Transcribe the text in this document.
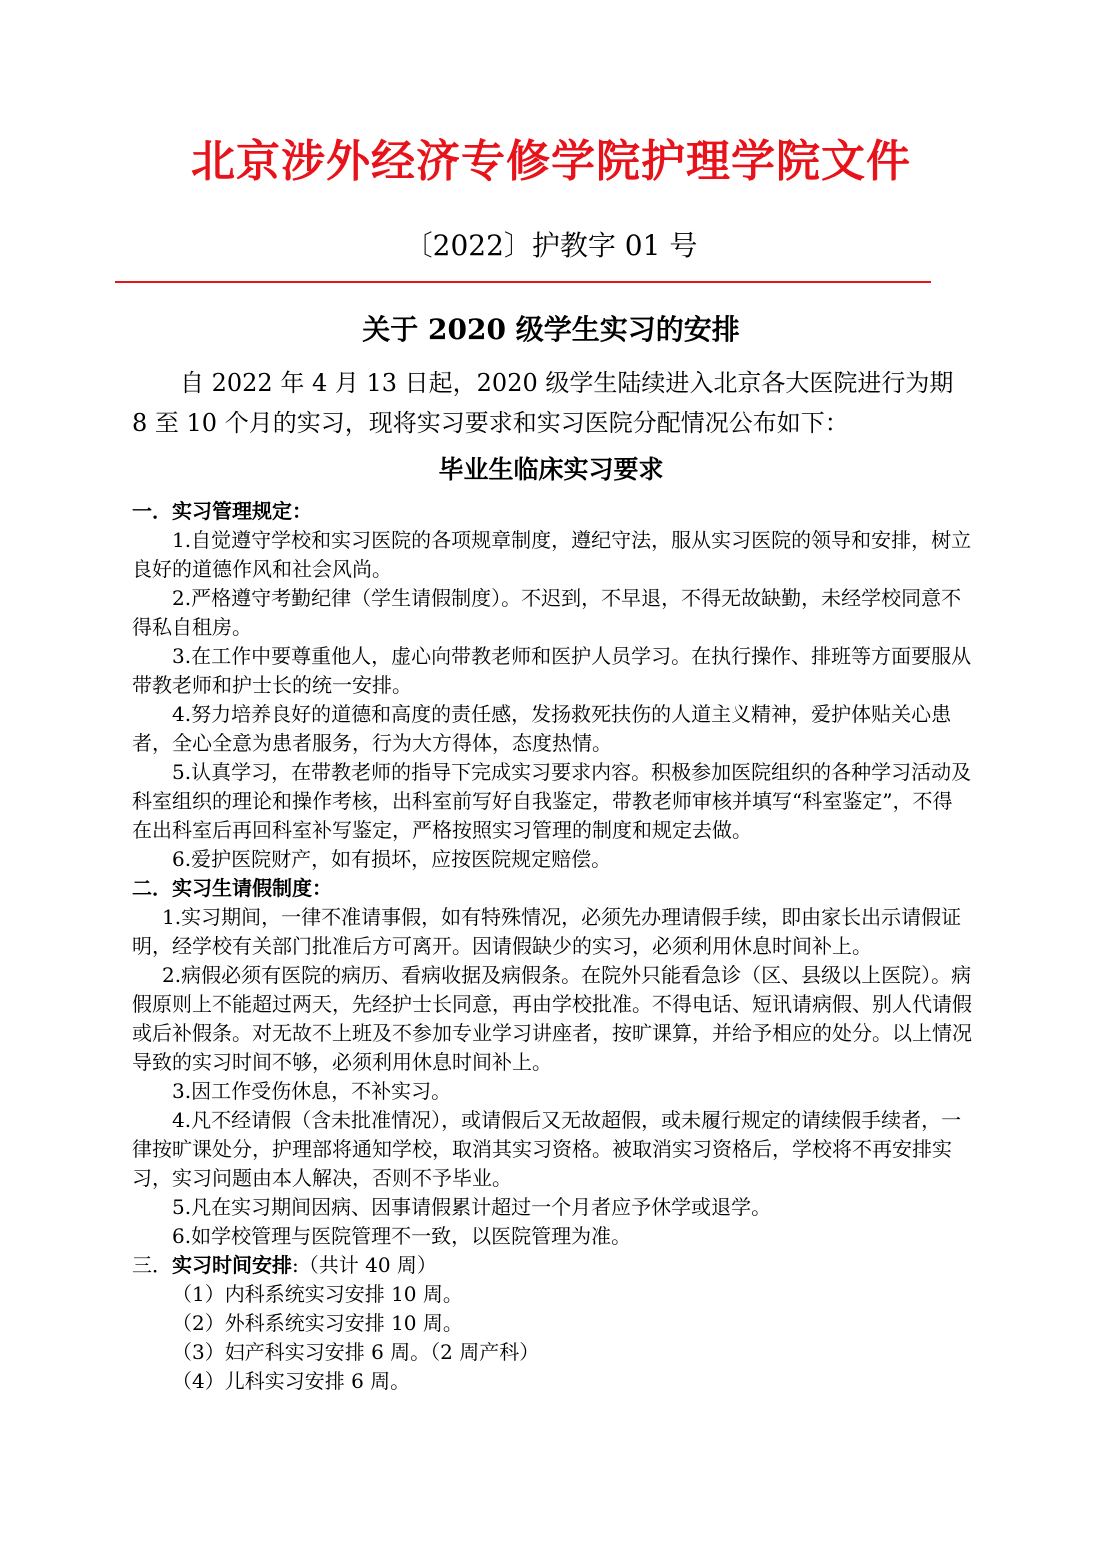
北京涉外经济专修学院护理学院文件
〔2022〕护教字 01 号
关于 2020 级学生实习的安排
自 2022 年 4 月 13 日起，2020 级学生陆续进入北京各大医院进行为期 8 至 10 个月的实习，现将实习要求和实习医院分配情况公布如下：
毕业生临床实习要求

一．实习管理规定：

1.自觉遵守学校和实习医院的各项规章制度，遵纪守法，服从实习医院的领导和安排，树立良好的道德作风和社会风尚。

2.严格遵守考勤纪律（学生请假制度）。不迟到，不早退，不得无故缺勤，未经学校同意不得私自租房。

3.在工作中要尊重他人，虚心向带教老师和医护人员学习。在执行操作、排班等方面要服从带教老师和护士长的统一安排。

4.努力培养良好的道德和高度的责任感，发扬救死扶伤的人道主义精神，爱护体贴关心患者，全心全意为患者服务，行为大方得体，态度热情。

5.认真学习，在带教老师的指导下完成实习要求内容。积极参加医院组织的各种学习活动及科室组织的理论和操作考核，出科室前写好自我鉴定，带教老师审核并填写“科室鉴定”，不得在出科室后再回科室补写鉴定，严格按照实习管理的制度和规定去做。

6.爱护医院财产，如有损坏，应按医院规定赔偿。

二．实习生请假制度：

1.实习期间，一律不准请事假，如有特殊情况，必须先办理请假手续，即由家长出示请假证明，经学校有关部门批准后方可离开。因请假缺少的实习，必须利用休息时间补上。

2.病假必须有医院的病历、看病收据及病假条。在院外只能看急诊（区、县级以上医院）。病假原则上不能超过两天，先经护士长同意，再由学校批准。不得电话、短讯请病假、别人代请假或后补假条。对无故不上班及不参加专业学习讲座者，按旷课算，并给予相应的处分。以上情况导致的实习时间不够，必须利用休息时间补上。

3.因工作受伤休息，不补实习。

4.凡不经请假（含未批准情况），或请假后又无故超假，或未履行规定的请续假手续者，一律按旷课处分，护理部将通知学校，取消其实习资格。被取消实习资格后，学校将不再安排实习，实习问题由本人解决，否则不予毕业。

5.凡在实习期间因病、因事请假累计超过一个月者应予休学或退学。

6.如学校管理与医院管理不一致，以医院管理为准。

三．实习时间安排:（共计 40 周）

（1）内科系统实习安排 10 周。

（2）外科系统实习安排 10 周。

（3）妇产科实习安排 6 周。（2 周产科）

（4）儿科实习安排 6 周。
